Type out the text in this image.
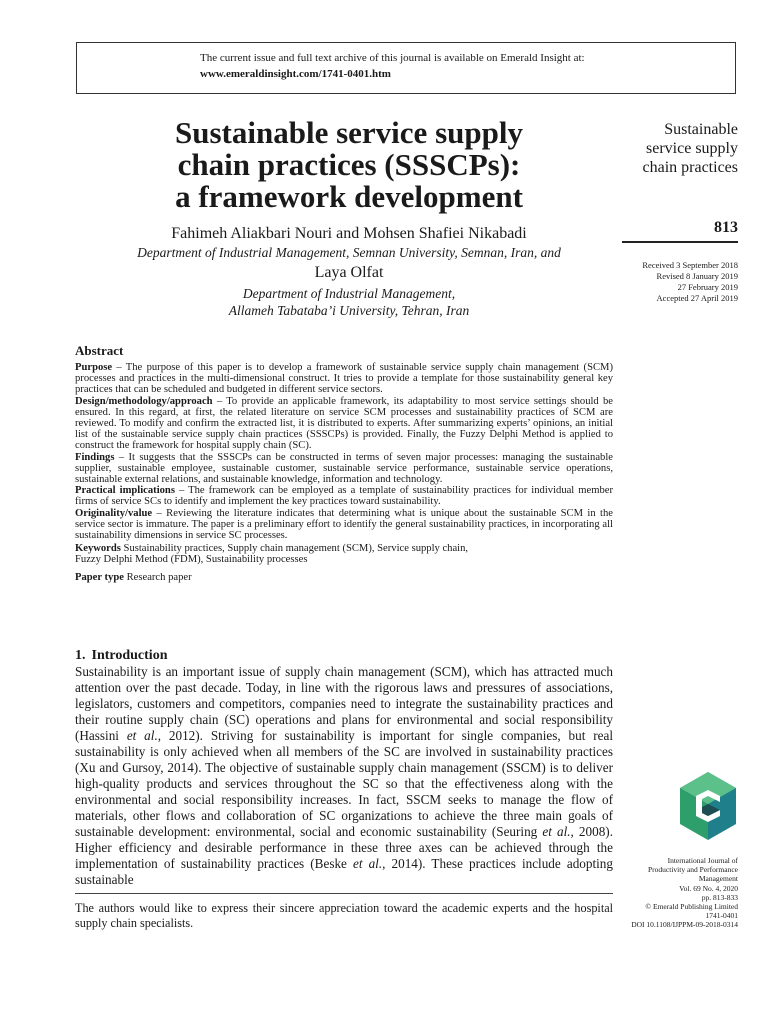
The current issue and full text archive of this journal is available on Emerald Insight at:
www.emeraldinsight.com/1741-0401.htm
Sustainable service supply
chain practices (SSSCPs):
a framework development
Sustainable
service supply
chain practices
813
Received 3 September 2018
Revised 8 January 2019
27 February 2019
Accepted 27 April 2019
Fahimeh Aliakbari Nouri and Mohsen Shafiei Nikabadi
Department of Industrial Management, Semnan University, Semnan, Iran, and
Laya Olfat
Department of Industrial Management,
Allameh Tabataba’i University, Tehran, Iran
Abstract

Purpose – The purpose of this paper is to develop a framework of sustainable service supply chain management (SCM) processes and practices in the multi-dimensional construct. It tries to provide a template for those sustainability general key practices that can be scheduled and budgeted in different service sectors.

Design/methodology/approach – To provide an applicable framework, its adaptability to most service settings should be ensured. In this regard, at first, the related literature on service SCM processes and sustainability practices of SCM are reviewed. To modify and confirm the extracted list, it is distributed to experts. After summarizing experts’ opinions, an initial list of the sustainable service supply chain practices (SSSCPs) is provided. Finally, the Fuzzy Delphi Method is applied to construct the framework for hospital supply chain (SC).

Findings – It suggests that the SSSCPs can be constructed in terms of seven major processes: managing the sustainable supplier, sustainable employee, sustainable customer, sustainable service performance, sustainable service operations, sustainable external relations, and sustainable knowledge, information and technology.

Practical implications – The framework can be employed as a template of sustainability practices for individual member firms of service SCs to identify and implement the key practices toward sustainability.

Originality/value – Reviewing the literature indicates that determining what is unique about the sustainable SCM in the service sector is immature. The paper is a preliminary effort to identify the general sustainability practices, in incorporating all sustainability dimensions in service SC processes.

Keywords Sustainability practices, Supply chain management (SCM), Service supply chain,
Fuzzy Delphi Method (FDM), Sustainability processes

Paper type Research paper

1. Introduction
Sustainability is an important issue of supply chain management (SCM), which has attracted much attention over the past decade. Today, in line with the rigorous laws and pressures of associations, legislators, customers and competitors, companies need to integrate the sustainability practices and their routine supply chain (SC) operations and plans for environmental and social responsibility (Hassini et al., 2012). Striving for sustainability is important for single companies, but real sustainability is only achieved when all members of the SC are involved in sustainability practices (Xu and Gursoy, 2014). The objective of sustainable supply chain management (SSCM) is to deliver high-quality products and services throughout the SC so that the effectiveness along with the environmental and social responsibility increases. In fact, SSCM seeks to manage the flow of materials, other flows and collaboration of SC organizations to achieve the three main goals of sustainable development: environmental, social and economic sustainability (Seuring et al., 2008). Higher efficiency and desirable performance in these three axes can be achieved through the implementation of sustainability practices (Beske et al., 2014). These practices include adopting sustainable
The authors would like to express their sincere appreciation toward the academic experts and the hospital supply chain specialists.
International Journal of
Productivity and Performance
Management
Vol. 69 No. 4, 2020
pp. 813-833
© Emerald Publishing Limited
1741-0401
DOI 10.1108/IJPPM-09-2018-0314
